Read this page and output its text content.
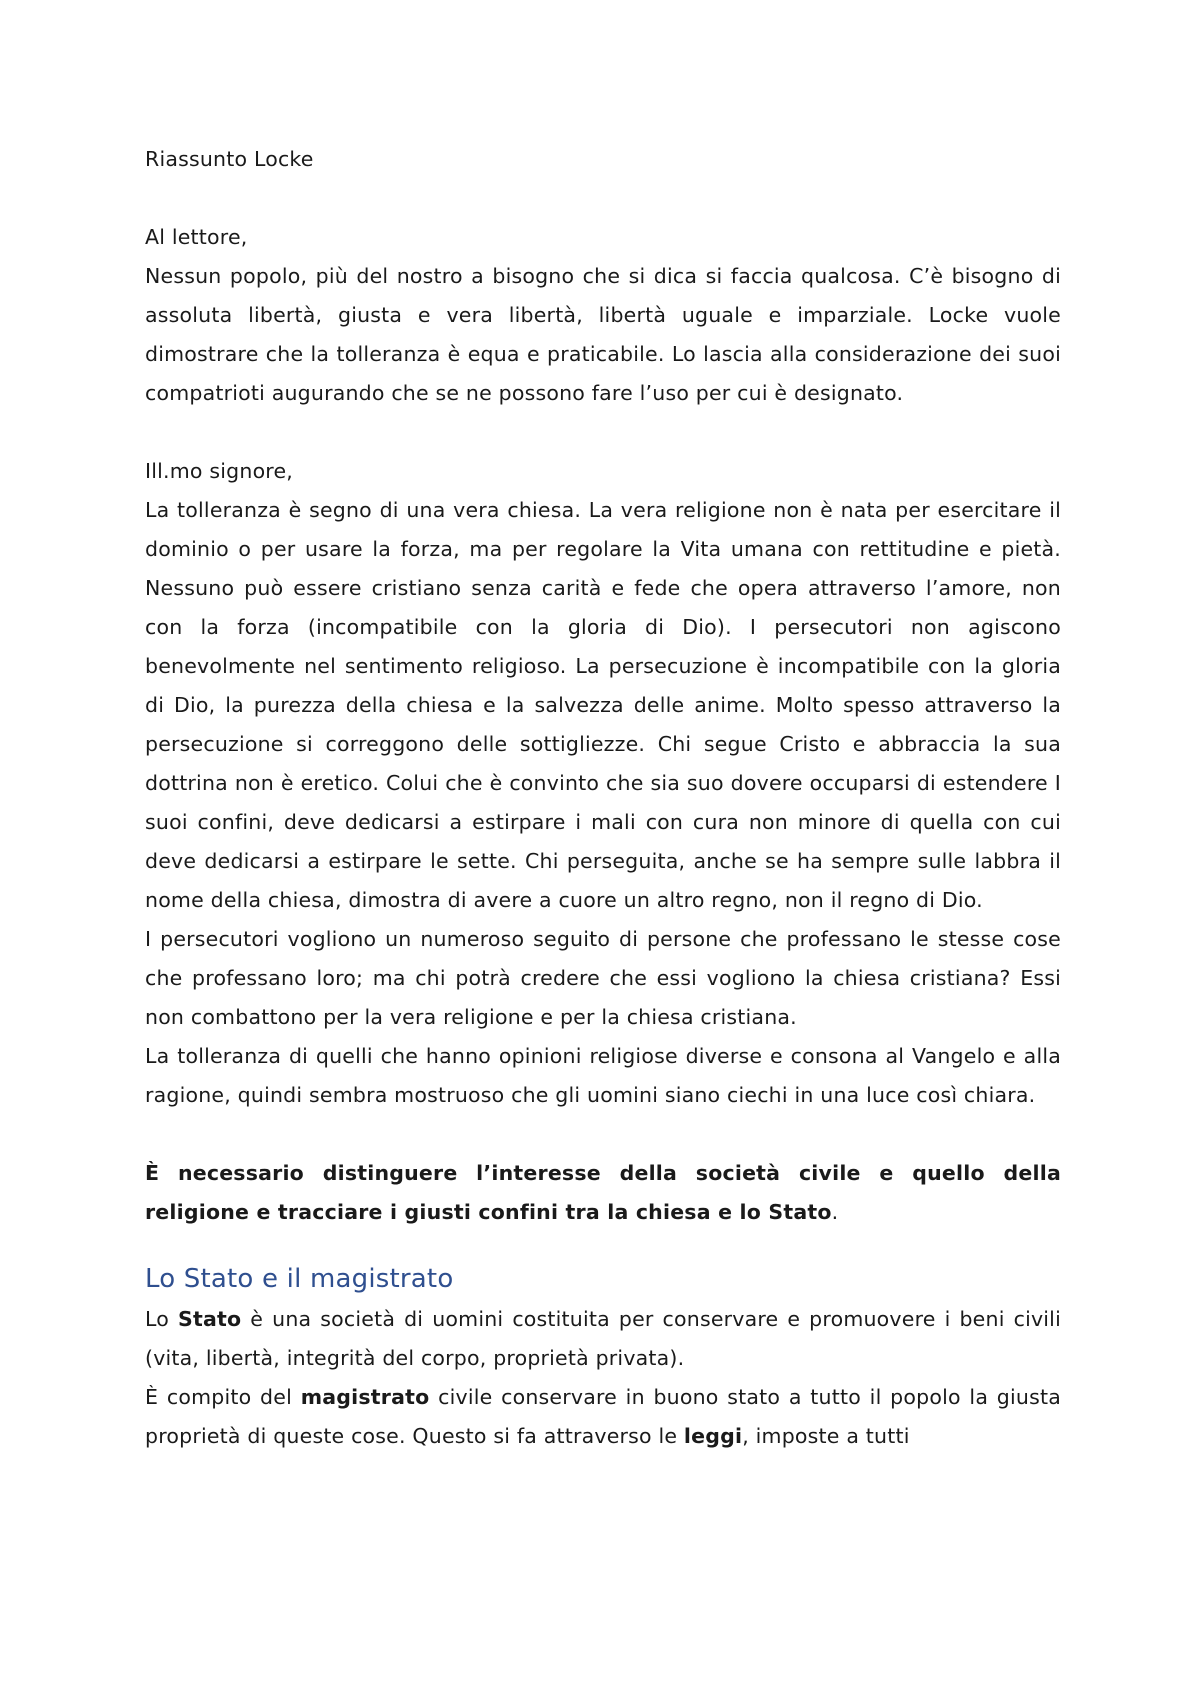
Riassunto Locke

Al lettore,

Nessun popolo, più del nostro a bisogno che si dica si faccia qualcosa. C’è bisogno di assoluta libertà, giusta e vera libertà, libertà uguale e imparziale. Locke vuole dimostrare che la tolleranza è equa e praticabile. Lo lascia alla considerazione dei suoi compatrioti augurando che se ne possono fare l’uso per cui è designato.

Ill.mo signore,

La tolleranza è segno di una vera chiesa. La vera religione non è nata per esercitare il dominio o per usare la forza, ma per regolare la Vita umana con rettitudine e pietà. Nessuno può essere cristiano senza carità e fede che opera attraverso l’amore, non con la forza (incompatibile con la gloria di Dio). I persecutori non agiscono benevolmente nel sentimento religioso. La persecuzione è incompatibile con la gloria di Dio, la purezza della chiesa e la salvezza delle anime. Molto spesso attraverso la persecuzione si correggono delle sottigliezze. Chi segue Cristo e abbraccia la sua dottrina non è eretico. Colui che è convinto che sia suo dovere occuparsi di estendere I suoi confini, deve dedicarsi a estirpare i mali con cura non minore di quella con cui deve dedicarsi a estirpare le sette. Chi perseguita, anche se ha sempre sulle labbra il nome della chiesa, dimostra di avere a cuore un altro regno, non il regno di Dio.

I persecutori vogliono un numeroso seguito di persone che professano le stesse cose che professano loro; ma chi potrà credere che essi vogliono la chiesa cristiana? Essi non combattono per la vera religione e per la chiesa cristiana.

La tolleranza di quelli che hanno opinioni religiose diverse e consona al Vangelo e alla ragione, quindi sembra mostruoso che gli uomini siano ciechi in una luce così chiara.

È necessario distinguere l’interesse della società civile e quello della religione e tracciare i giusti confini tra la chiesa e lo Stato.

Lo Stato e il magistrato

Lo Stato è una società di uomini costituita per conservare e promuovere i beni civili (vita, libertà, integrità del corpo, proprietà privata).

È compito del magistrato civile conservare in buono stato a tutto il popolo la giusta proprietà di queste cose. Questo si fa attraverso le leggi, imposte a tutti
